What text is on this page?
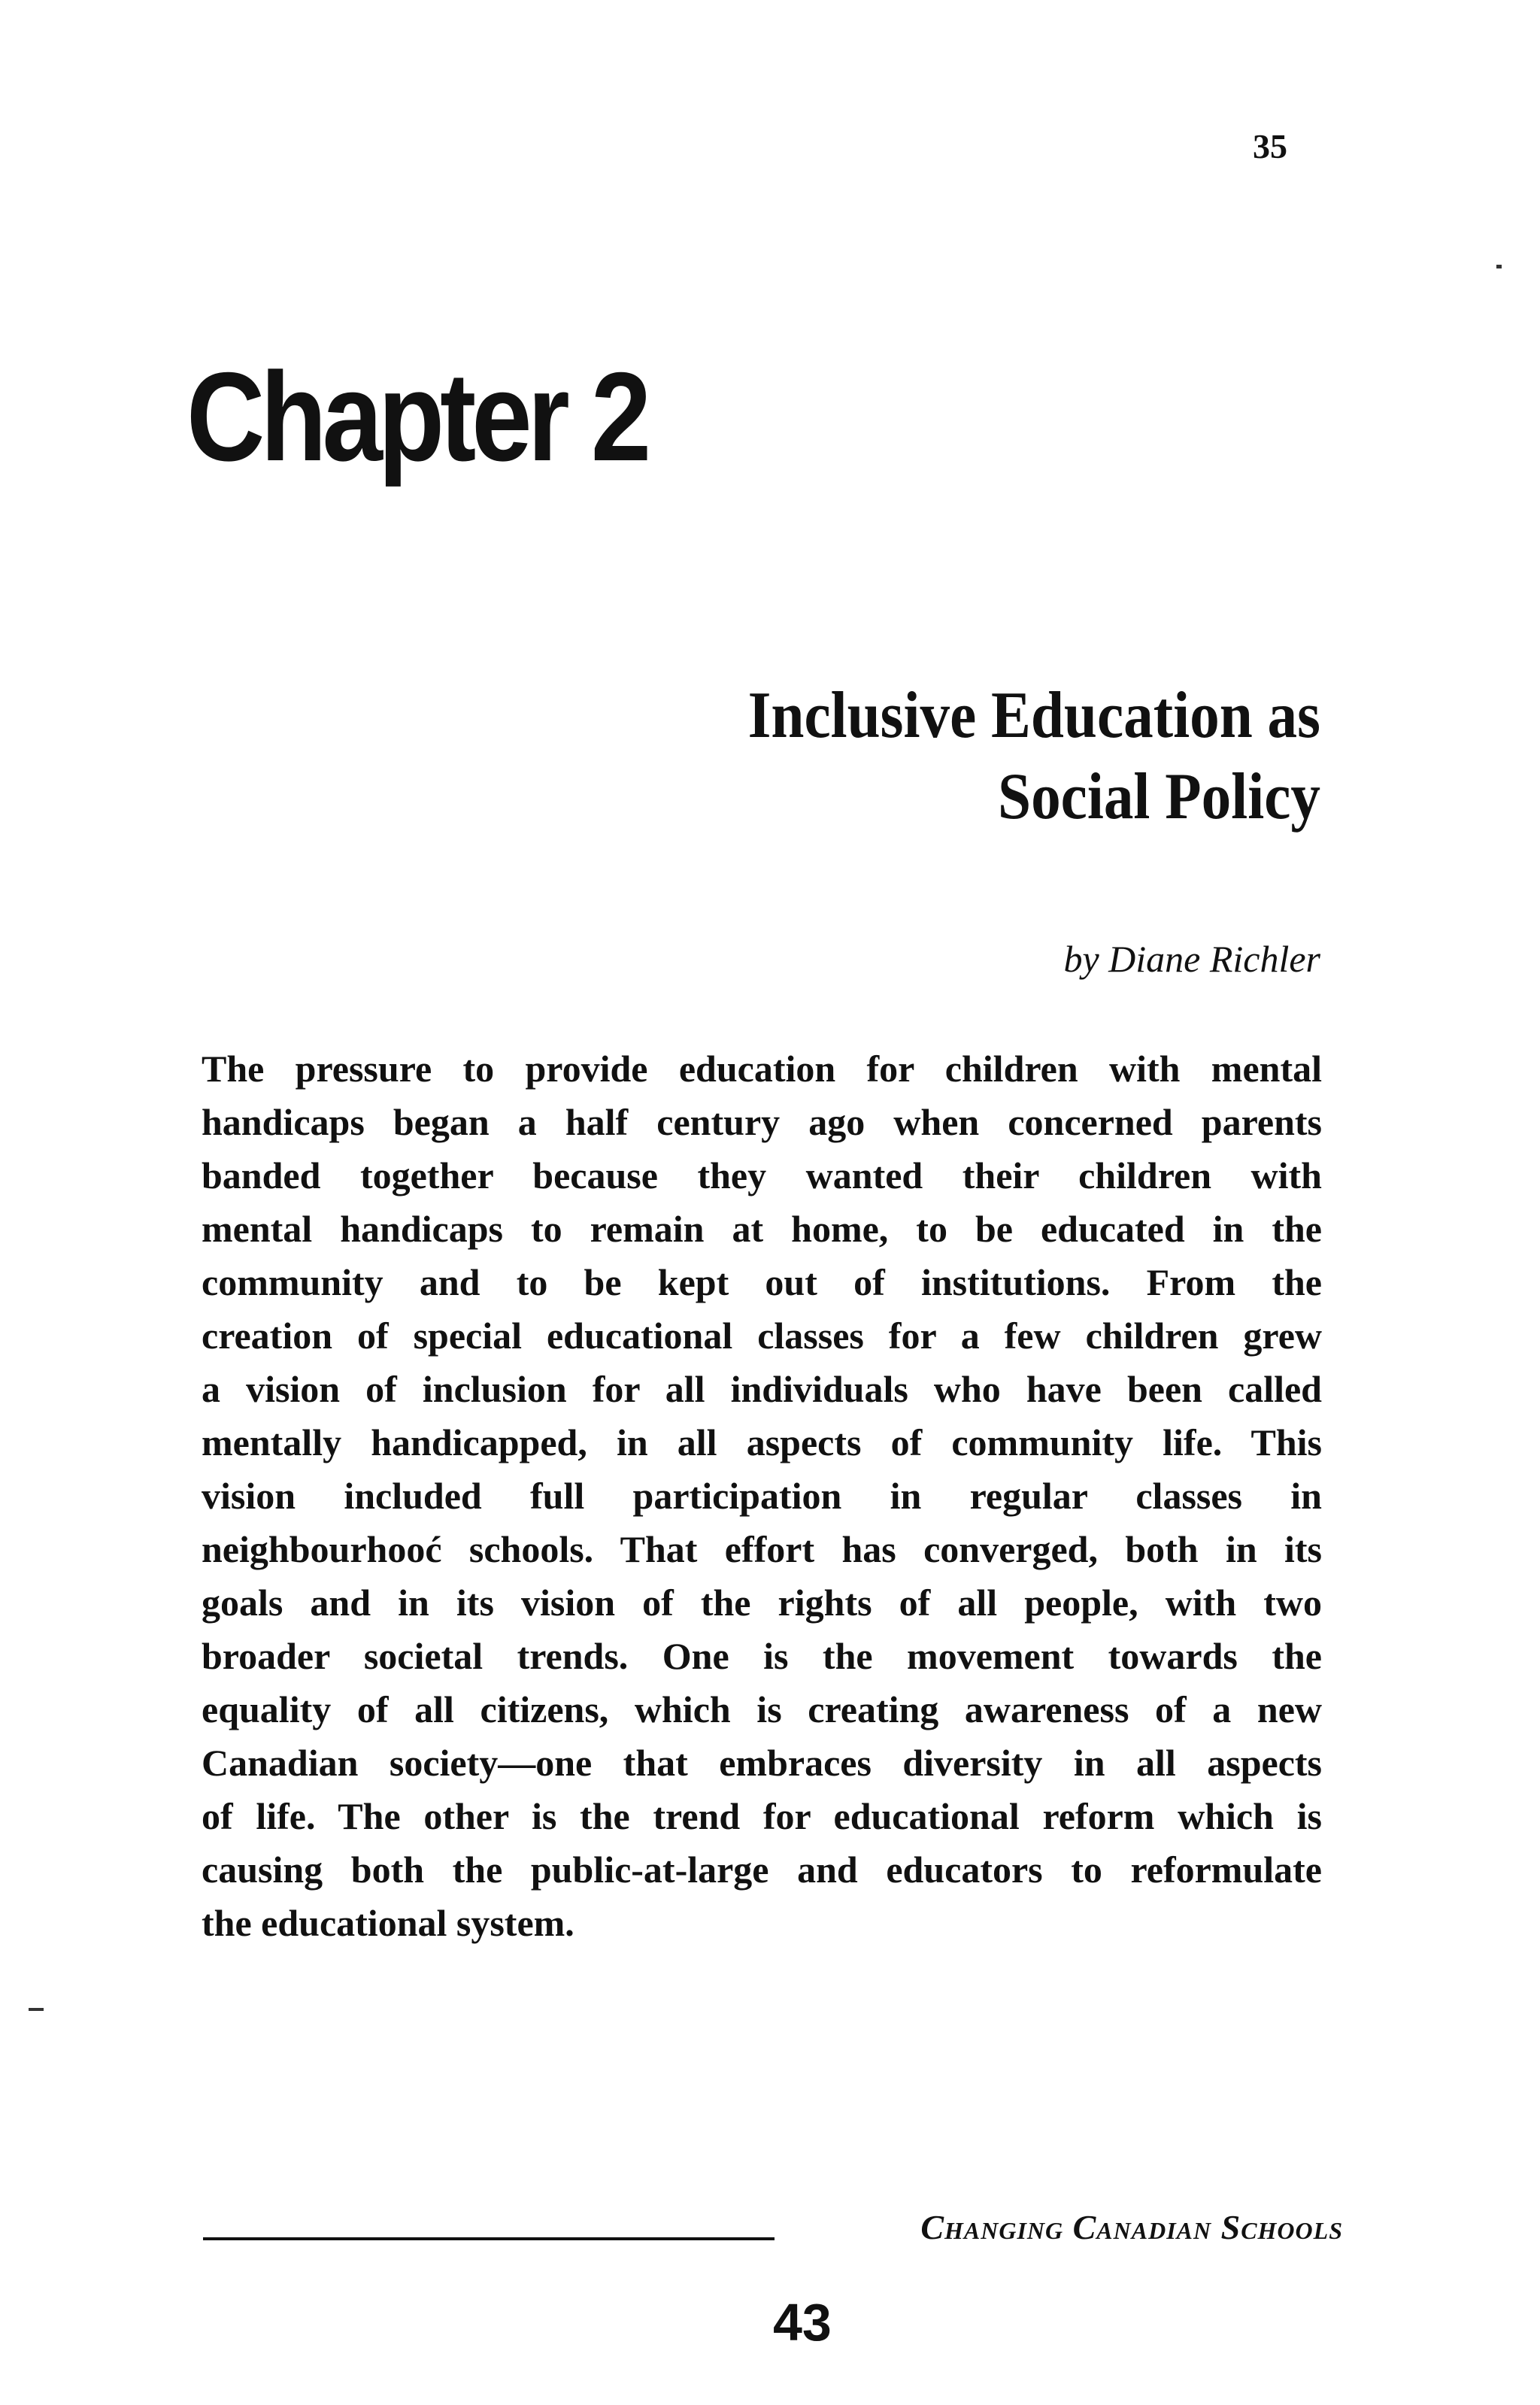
35
Chapter 2
Inclusive Education as
Social Policy
by Diane Richler
The pressure to provide education for children with mental
handicaps began a half century ago when concerned parents
banded together because they wanted their children with
mental handicaps to remain at home, to be educated in the
community and to be kept out of institutions. From the
creation of special educational classes for a few children grew
a vision of inclusion for all individuals who have been called
mentally handicapped, in all aspects of community life. This
vision included full participation in regular classes in
neighbourhooć schools. That effort has converged, both in its
goals and in its vision of the rights of all people, with two
broader societal trends. One is the movement towards the
equality of all citizens, which is creating awareness of a new
Canadian society—one that embraces diversity in all aspects
of life. The other is the trend for educational reform which is
causing both the public-at-large and educators to reformulate
the educational system.
Changing Canadian Schools
43
